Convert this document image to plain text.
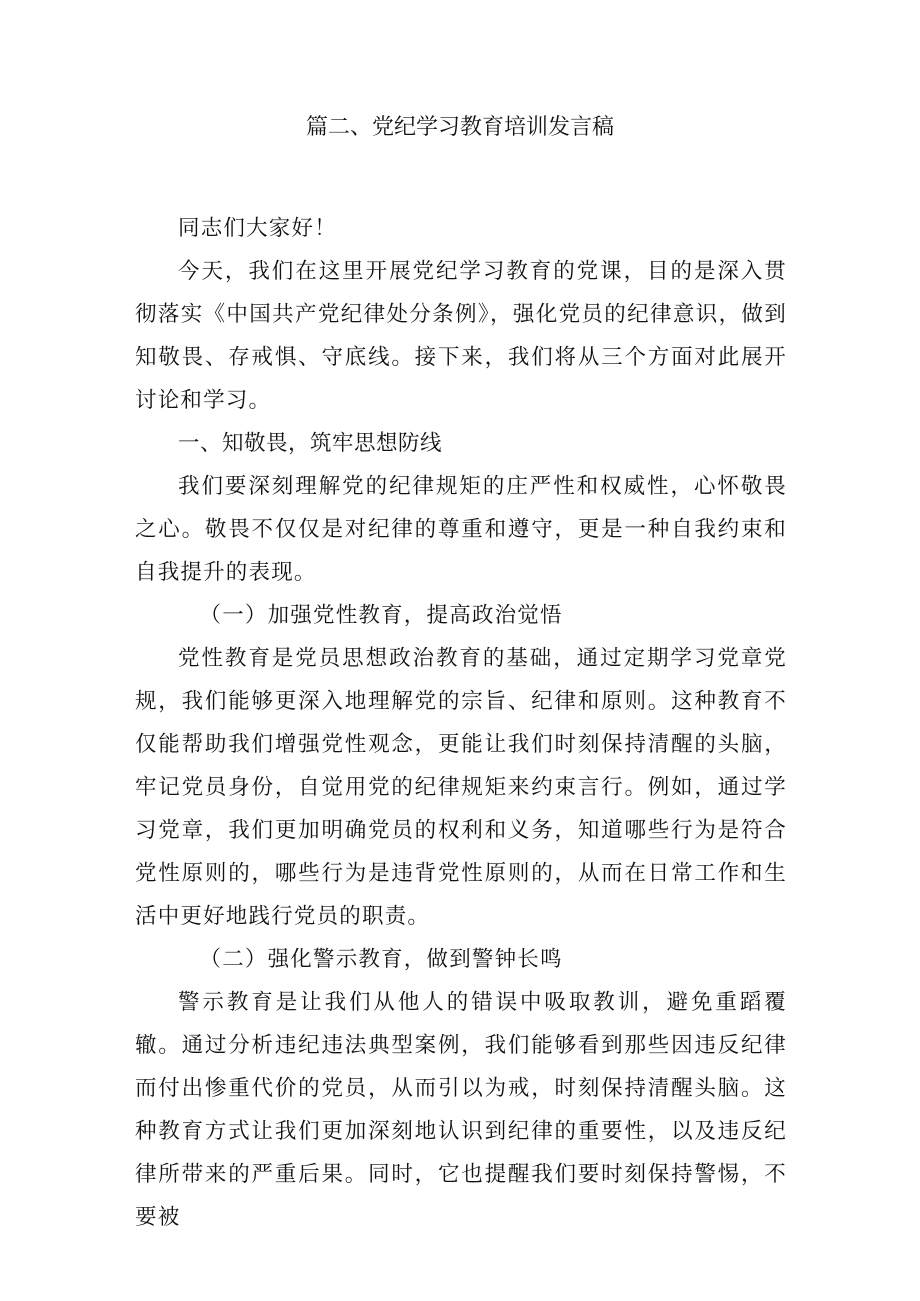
篇二、党纪学习教育培训发言稿

同志们大家好！

今天，我们在这里开展党纪学习教育的党课，目的是深入贯彻落实《中国共产党纪律处分条例》，强化党员的纪律意识，做到知敬畏、存戒惧、守底线。接下来，我们将从三个方面对此展开讨论和学习。

一、知敬畏，筑牢思想防线

我们要深刻理解党的纪律规矩的庄严性和权威性，心怀敬畏之心。敬畏不仅仅是对纪律的尊重和遵守，更是一种自我约束和自我提升的表现。

（一）加强党性教育，提高政治觉悟

党性教育是党员思想政治教育的基础，通过定期学习党章党规，我们能够更深入地理解党的宗旨、纪律和原则。这种教育不仅能帮助我们增强党性观念，更能让我们时刻保持清醒的头脑，牢记党员身份，自觉用党的纪律规矩来约束言行。例如，通过学习党章，我们更加明确党员的权利和义务，知道哪些行为是符合党性原则的，哪些行为是违背党性原则的，从而在日常工作和生活中更好地践行党员的职责。

（二）强化警示教育，做到警钟长鸣

警示教育是让我们从他人的错误中吸取教训，避免重蹈覆辙。通过分析违纪违法典型案例，我们能够看到那些因违反纪律而付出惨重代价的党员，从而引以为戒，时刻保持清醒头脑。这种教育方式让我们更加深刻地认识到纪律的重要性，以及违反纪律所带来的严重后果。同时，它也提醒我们要时刻保持警惕，不要被
